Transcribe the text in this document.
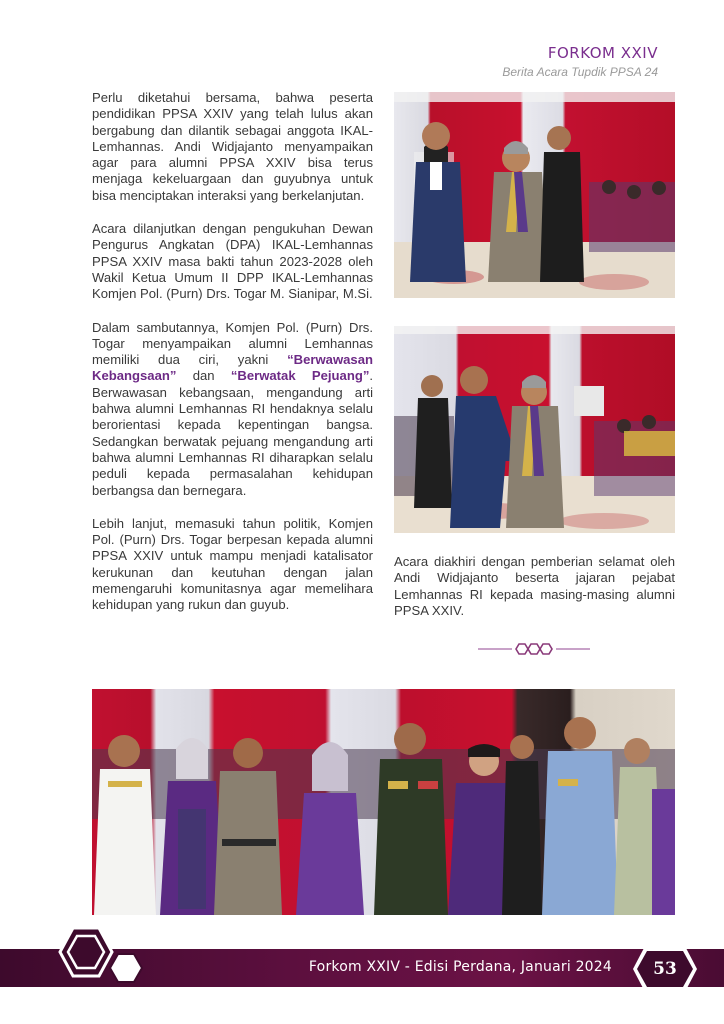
FORKOM XXIV
Berita Acara Tupdik PPSA 24

Perlu diketahui bersama, bahwa peserta pendidikan PPSA XXIV yang telah lulus akan bergabung dan dilantik sebagai anggota IKAL-Lemhannas. Andi Widjajanto menyampaikan agar para alumni PPSA XXIV bisa terus menjaga kekeluargaan dan guyubnya untuk bisa menciptakan interaksi yang berkelanjutan.

Acara dilanjutkan dengan pengukuhan Dewan Pengurus Angkatan (DPA) IKAL-Lemhannas PPSA XXIV masa bakti tahun 2023-2028 oleh Wakil Ketua Umum II DPP IKAL-Lemhannas Komjen Pol. (Purn) Drs. Togar M. Sianipar, M.Si.

Dalam sambutannya, Komjen Pol. (Purn) Drs. Togar menyampaikan alumni Lemhannas memiliki dua ciri, yakni “Berwawasan Kebangsaan” dan “Berwatak Pejuang”. Berwawasan kebangsaan, mengandung arti bahwa alumni Lemhannas RI hendaknya selalu berorientasi kepada kepentingan bangsa. Sedangkan berwatak pejuang mengandung arti bahwa alumni Lemhannas RI diharapkan selalu peduli kepada permasalahan kehidupan berbangsa dan bernegara.

Lebih lanjut, memasuki tahun politik, Komjen Pol. (Purn) Drs. Togar berpesan kepada alumni PPSA XXIV untuk mampu menjadi katalisator kerukunan dan keutuhan dengan jalan memengaruhi komunitasnya agar memelihara kehidupan yang rukun dan guyub.

Acara diakhiri dengan pemberian selamat oleh Andi Widjajanto beserta jajaran pejabat Lemhannas RI kepada masing-masing alumni PPSA XXIV.

Forkom XXIV - Edisi Perdana, Januari 2024	53
